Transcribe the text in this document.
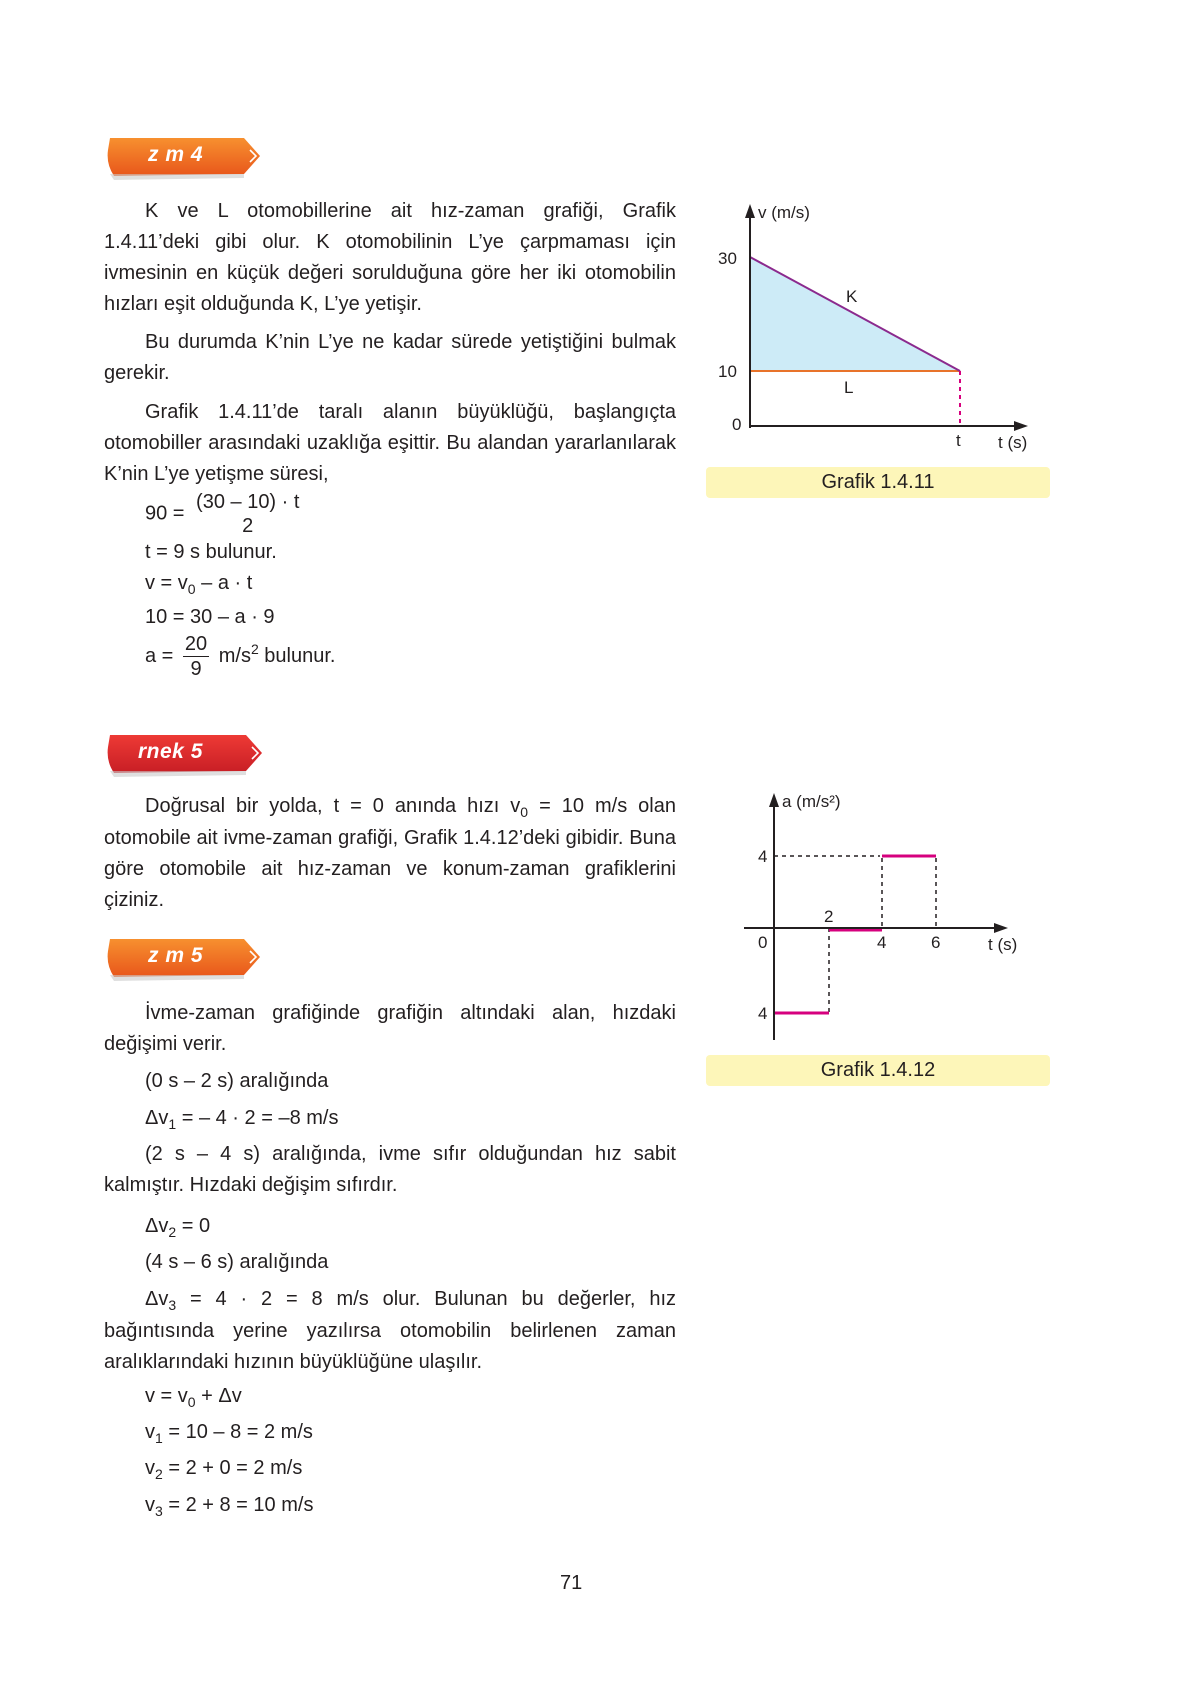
z m 4
K ve L otomobillerine ait hız-zaman grafiği, Grafik 1.4.11’deki gibi olur. K otomobilinin L’ye çarpmaması için ivmesinin en küçük değeri sorulduğuna göre her iki otomobilin hızları eşit olduğunda K, L’ye yetişir.
Bu durumda K’nin L’ye ne kadar sürede yetiştiğini bulmak gerekir.
Grafik 1.4.11’de taralı alanın büyüklüğü, başlangıçta otomobiller arasındaki uzaklığa eşittir. Bu alandan yararlanılarak K’nin L’ye yetişme süresi,
90 =
(30 – 10) · t
2
t = 9 s bulunur.
$v = v_0 - a \cdot t$
10 = 30 – a · 9
$a = \frac{20}{9} m/s^2$ bulunur.
v (m/s)
30
10
0
t t (s)
K
L
Grafik 1.4.11
rnek 5
Doğrusal bir yolda, t = 0 anında hızı $v_0 = 10$ m/s olan otomobile ait ivme-zaman grafiği, Grafik 1.4.12’deki gibidir. Buna göre otomobile ait hız-zaman ve konum-zaman grafiklerini çiziniz.
z m 5
İvme-zaman grafiğinde grafiğin altındaki alan, hızdaki değişimi verir.
(0 s – 2 s) aralığında
$\Delta v_1$ = – 4 · 2 = –8 m/s
(2 s – 4 s) aralığında, ivme sıfır olduğundan hız sabit kalmıştır. Hızdaki değişim sıfırdır.
$\Delta v_2 = 0$
(4 s – 6 s) aralığında
$\Delta v_3 = 4 \cdot 2 = 8$ m/s olur. Bulunan bu değerler, hız bağıntısında yerine yazılırsa otomobilin belirlenen zaman aralıklarındaki hızının büyüklüğüne ulaşılır.
$v = v_0 + \Delta v$
$v_1 = 10 - 8 = 2$ m/s
$v_2 = 2 + 0 = 2$ m/s
$v_3 = 2 + 8 = 10$ m/s
a (m/s²)
4
4
0
2
4	6	t (s)
Grafik 1.4.12
71
